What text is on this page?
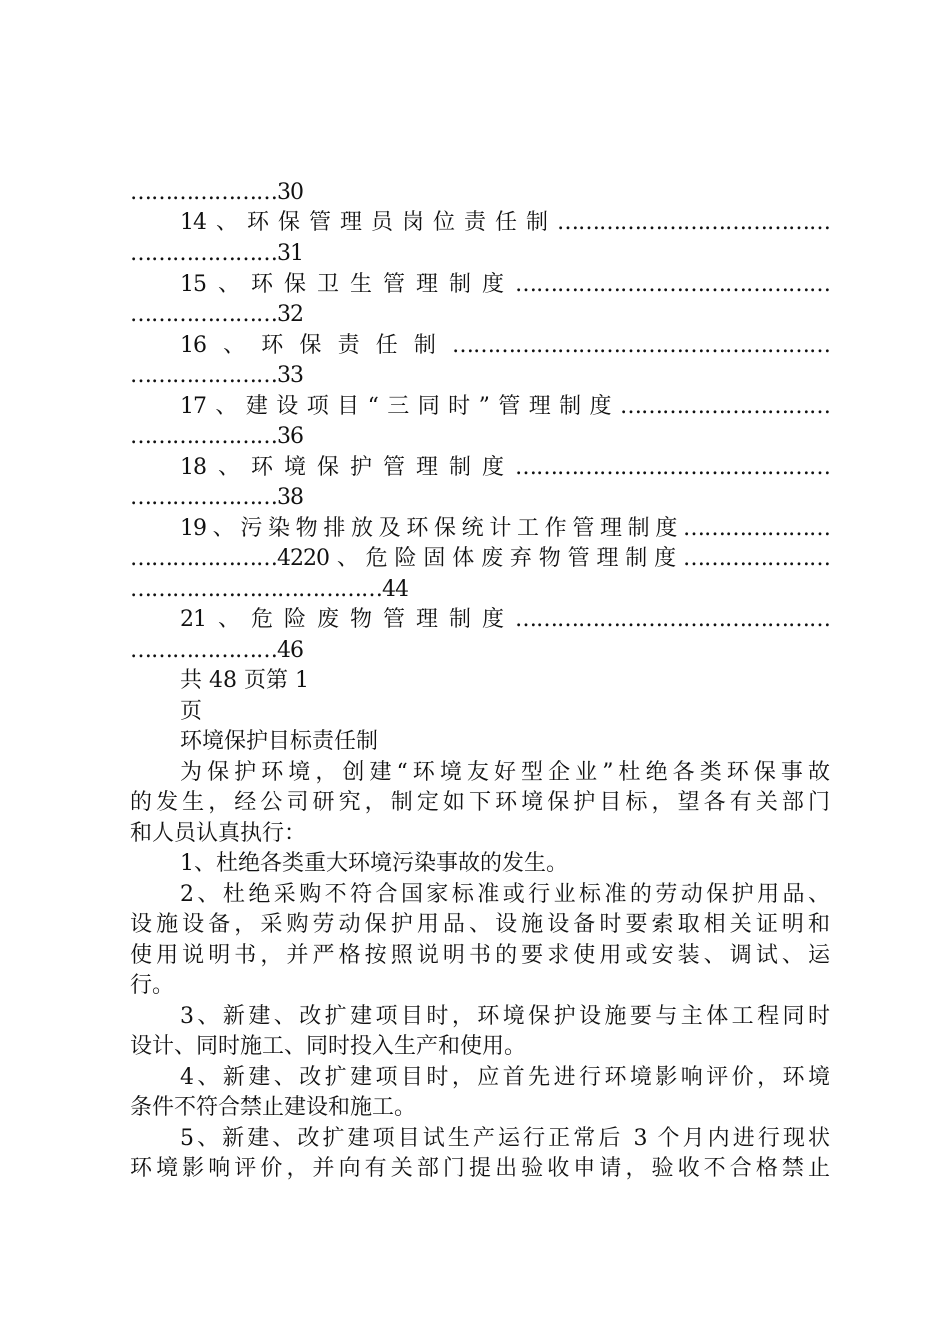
…………………30
14、环保管理员岗位责任制…………………………………
…………………31
15、环保卫生管理制度………………………………………
…………………32
16、环保责任制………………………………………………
…………………33
17、建设项目“三同时”管理制度…………………………
…………………36
18、环境保护管理制度………………………………………
…………………38
19、污染物排放及环保统计工作管理制度…………………
…………………4220、危险固体废弃物管理制度…………………
………………………………44
21、危险废物管理制度………………………………………
…………………46
共 48 页第 1
页
环境保护目标责任制
为保护环境，创建“环境友好型企业”杜绝各类环保事故
的发生，经公司研究，制定如下环境保护目标，望各有关部门
和人员认真执行：
1、杜绝各类重大环境污染事故的发生。
2、杜绝采购不符合国家标准或行业标准的劳动保护用品、
设施设备，采购劳动保护用品、设施设备时要索取相关证明和
使用说明书，并严格按照说明书的要求使用或安装、调试、运
行。
3、新建、改扩建项目时，环境保护设施要与主体工程同时
设计、同时施工、同时投入生产和使用。
4、新建、改扩建项目时，应首先进行环境影响评价，环境
条件不符合禁止建设和施工。
5、新建、改扩建项目试生产运行正常后 3 个月内进行现状
环境影响评价，并向有关部门提出验收申请，验收不合格禁止
